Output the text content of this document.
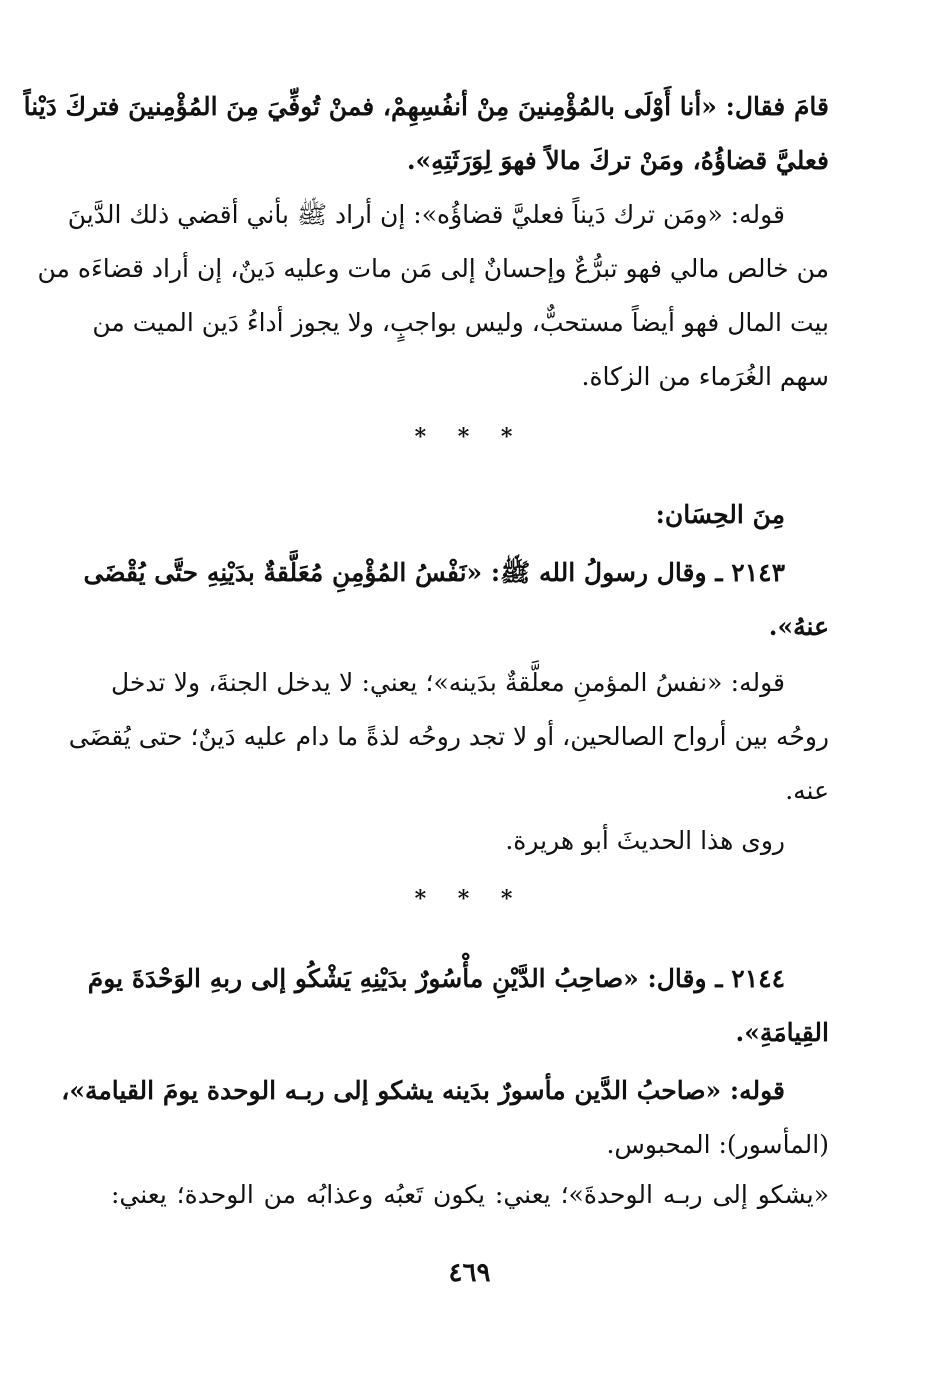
قامَ فقال: «أنا أَوْلَى بالمُؤْمِنينَ مِنْ أنفُسِهِمْ، فمنْ تُوفِّيَ مِنَ المُؤْمِنينَ فتركَ دَيْناً
فعليَّ قضاؤُهُ، ومَنْ تركَ مالاً فهوَ لِوَرَثَتِهِ».
قوله: «ومَن ترك دَيناً فعليَّ قضاؤُه»: إن أراد ﷺ بأني أقضي ذلك الدَّينَ
من خالص مالي فهو تبرُّعٌ وإحسانٌ إلى مَن مات وعليه دَينٌ، إن أراد قضاءَه من
بيت المال فهو أيضاً مستحبٌّ، وليس بواجبٍ، ولا يجوز أداءُ دَين الميت من
سهم الغُرَماء من الزكاة.
* * *
مِنَ الحِسَان:
٢١٤٣ ـ وقال رسولُ الله ﷺ: «نَفْسُ المُؤْمِنِ مُعَلَّقةٌ بدَيْنِهِ حتَّى يُقْضَى
عنهُ».
قوله: «نفسُ المؤمنِ معلَّقةٌ بدَينه»؛ يعني: لا يدخل الجنةَ، ولا تدخل
روحُه بين أرواح الصالحين، أو لا تجد روحُه لذةً ما دام عليه دَينٌ؛ حتى يُقضَى
عنه.
روى هذا الحديثَ أبو هريرة.
* * *
٢١٤٤ ـ وقال: «صاحِبُ الدَّيْنِ مأْسُورٌ بدَيْنِهِ يَشْكُو إلى ربهِ الوَحْدَةَ يومَ
القِيامَةِ».
قوله: «صاحبُ الدَّين مأسورٌ بدَينه يشكو إلى ربـه الوحدة يومَ القيامة»،
(المأسور): المحبوس.
«يشكو إلى ربـه الوحدةَ»؛ يعني: يكون تَعبُه وعذابُه من الوحدة؛ يعني:
٤٦٩
